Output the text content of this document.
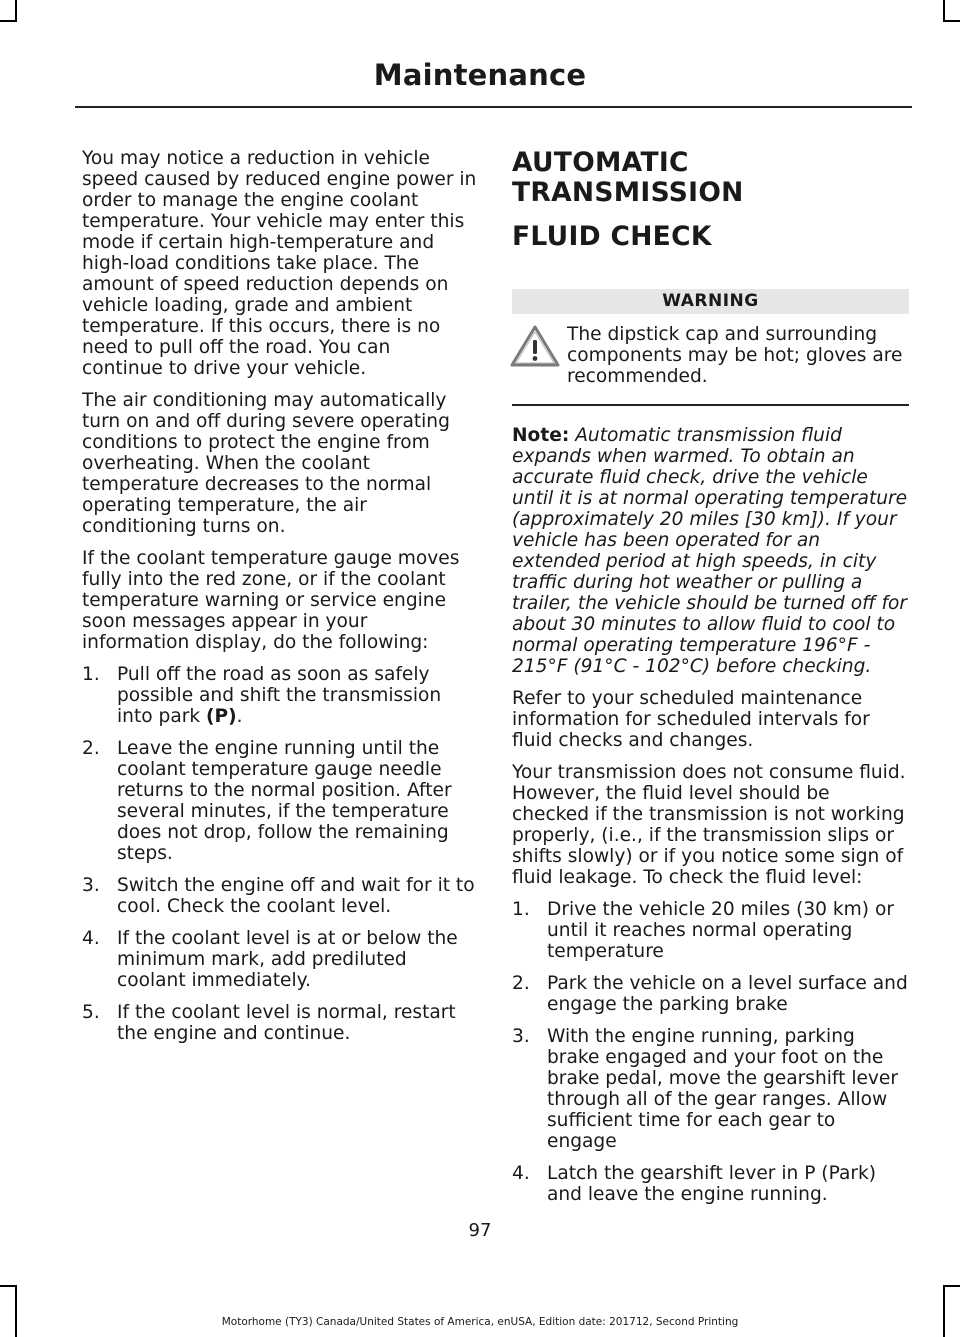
Maintenance

You may notice a reduction in vehicle speed caused by reduced engine power in order to manage the engine coolant temperature. Your vehicle may enter this mode if certain high-temperature and high-load conditions take place. The amount of speed reduction depends on vehicle loading, grade and ambient temperature. If this occurs, there is no need to pull off the road. You can continue to drive your vehicle.

The air conditioning may automatically turn on and off during severe operating conditions to protect the engine from overheating. When the coolant temperature decreases to the normal operating temperature, the air conditioning turns on.

If the coolant temperature gauge moves fully into the red zone, or if the coolant temperature warning or service engine soon messages appear in your information display, do the following:

1. Pull off the road as soon as safely possible and shift the transmission into park (P).
2. Leave the engine running until the coolant temperature gauge needle returns to the normal position. After several minutes, if the temperature does not drop, follow the remaining steps.
3. Switch the engine off and wait for it to cool. Check the coolant level.
4. If the coolant level is at or below the minimum mark, add prediluted coolant immediately.
5. If the coolant level is normal, restart the engine and continue.
AUTOMATIC TRANSMISSION
FLUID CHECK
WARNING
The dipstick cap and surrounding components may be hot; gloves are recommended.

Note: Automatic transmission fluid expands when warmed. To obtain an accurate fluid check, drive the vehicle until it is at normal operating temperature (approximately 20 miles [30 km]). If your vehicle has been operated for an extended period at high speeds, in city traffic during hot weather or pulling a trailer, the vehicle should be turned off for about 30 minutes to allow fluid to cool to normal operating temperature 196°F - 215°F (91°C - 102°C) before checking.

Refer to your scheduled maintenance information for scheduled intervals for fluid checks and changes.

Your transmission does not consume fluid. However, the fluid level should be checked if the transmission is not working properly, (i.e., if the transmission slips or shifts slowly) or if you notice some sign of fluid leakage. To check the fluid level:

1. Drive the vehicle 20 miles (30 km) or until it reaches normal operating temperature
2. Park the vehicle on a level surface and engage the parking brake
3. With the engine running, parking brake engaged and your foot on the brake pedal, move the gearshift lever through all of the gear ranges. Allow sufficient time for each gear to engage
4. Latch the gearshift lever in P (Park) and leave the engine running.
97
Motorhome (TY3) Canada/United States of America, enUSA, Edition date: 201712, Second Printing
